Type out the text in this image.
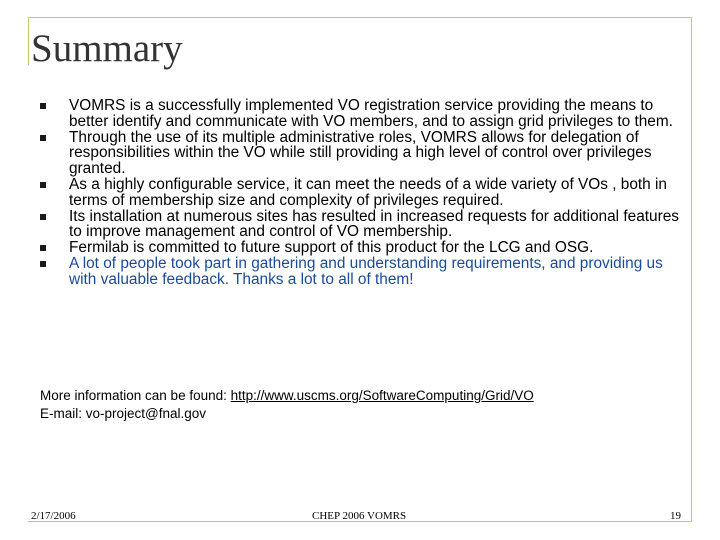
Summary
VOMRS is a successfully implemented VO registration service providing the means to better identify and communicate with VO members, and to assign grid privileges to them.
Through the use of its multiple administrative roles, VOMRS allows for delegation of responsibilities within the VO while still providing a high level of control over privileges granted.
As a highly configurable service, it can meet the needs of a wide variety of VOs , both in terms of membership size and complexity of privileges required.
Its installation at numerous sites has resulted in increased requests for additional features to improve management and control of VO membership.
Fermilab is committed to future support of this product for the LCG and OSG.
A lot of people took part in gathering and understanding requirements, and providing us with valuable feedback. Thanks a lot to all of them!
More information can be found: http://www.uscms.org/SoftwareComputing/Grid/VO
E-mail: vo-project@fnal.gov
2/17/2006	CHEP 2006 VOMRS	19
